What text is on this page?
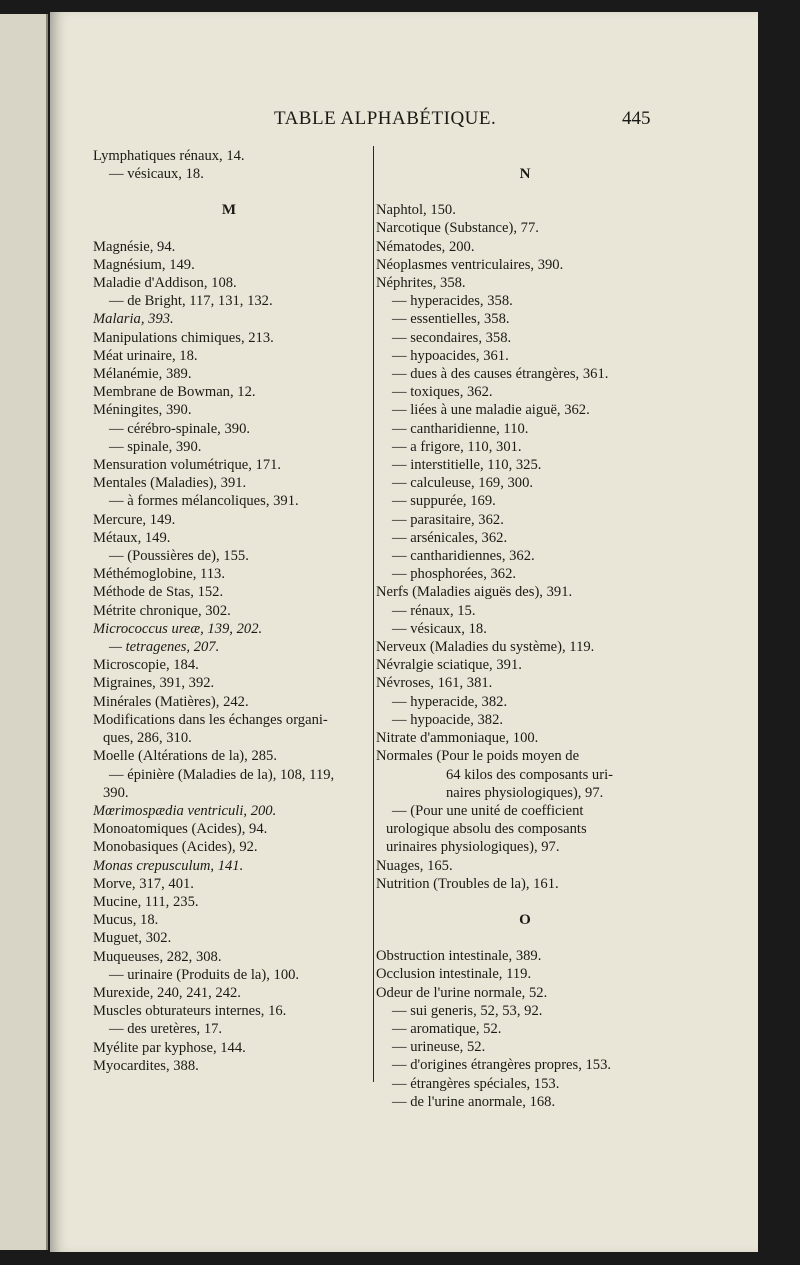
TABLE ALPHABÉTIQUE.	445
Lymphatiques rénaux, 14.
— vésicaux, 18.
M
Magnésie, 94.
Magnésium, 149.
Maladie d'Addison, 108.
— de Bright, 117, 131, 132.
Malaria, 393.
Manipulations chimiques, 213.
Méat urinaire, 18.
Mélanémie, 389.
Membrane de Bowman, 12.
Méningites, 390.
— cérébro-spinale, 390.
— spinale, 390.
Mensuration volumétrique, 171.
Mentales (Maladies), 391.
— à formes mélancoliques, 391.
Mercure, 149.
Métaux, 149.
— (Poussières de), 155.
Méthémoglobine, 113.
Méthode de Stas, 152.
Métrite chronique, 302.
Micrococcus ureæ, 139, 202.
— tetragenes, 207.
Microscopie, 184.
Migraines, 391, 392.
Minérales (Matières), 242.
Modifications dans les échanges organi-
ques, 286, 310.
Moelle (Altérations de la), 285.
— épinière (Maladies de la), 108, 119,
390.
Mœrimospædia ventriculi, 200.
Monoatomiques (Acides), 94.
Monobasiques (Acides), 92.
Monas crepusculum, 141.
Morve, 317, 401.
Mucine, 111, 235.
Mucus, 18.
Muguet, 302.
Muqueuses, 282, 308.
— urinaire (Produits de la), 100.
Murexide, 240, 241, 242.
Muscles obturateurs internes, 16.
— des uretères, 17.
Myélite par kyphose, 144.
Myocardites, 388.
N
Naphtol, 150.
Narcotique (Substance), 77.
Nématodes, 200.
Néoplasmes ventriculaires, 390.
Néphrites, 358.
— hyperacides, 358.
— essentielles, 358.
— secondaires, 358.
— hypoacides, 361.
— dues à des causes étrangères, 361.
— toxiques, 362.
— liées à une maladie aiguë, 362.
— cantharidienne, 110.
— a frigore, 110, 301.
— interstitielle, 110, 325.
— calculeuse, 169, 300.
— suppurée, 169.
— parasitaire, 362.
— arsénicales, 362.
— cantharidiennes, 362.
— phosphorées, 362.
Nerfs (Maladies aiguës des), 391.
— rénaux, 15.
— vésicaux, 18.
Nerveux (Maladies du système), 119.
Névralgie sciatique, 391.
Névroses, 161, 381.
— hyperacide, 382.
— hypoacide, 382.
Nitrate d'ammoniaque, 100.
Normales (Pour le poids moyen de
64 kilos des composants uri-
naires physiologiques), 97.
— (Pour une unité de coefficient
urologique absolu des composants
urinaires physiologiques), 97.
Nuages, 165.
Nutrition (Troubles de la), 161.
O
Obstruction intestinale, 389.
Occlusion intestinale, 119.
Odeur de l'urine normale, 52.
— sui generis, 52, 53, 92.
— aromatique, 52.
— urineuse, 52.
— d'origines étrangères propres, 153.
— étrangères spéciales, 153.
— de l'urine anormale, 168.
